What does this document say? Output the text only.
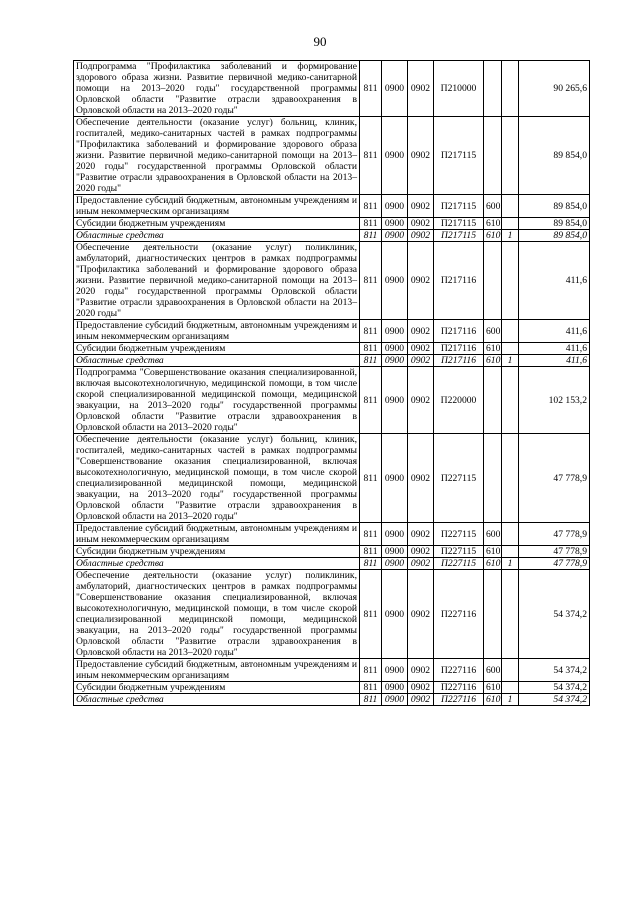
90
Подпрограмма "Профилактика заболеваний и формирование здорового образа жизни. Развитие первичной медико-санитарной помощи на 2013–2020 годы" государственной программы Орловской области "Развитие отрасли здравоохранения в Орловской области на 2013–2020 годы"	811	0900	0902	П210000			90 265,6
Обеспечение деятельности (оказание услуг) больниц, клиник, госпиталей, медико-санитарных частей в рамках подпрограммы "Профилактика заболеваний и формирование здорового образа жизни. Развитие первичной медико-санитарной помощи на 2013–2020 годы" государственной программы Орловской области "Развитие отрасли здравоохранения в Орловской области на 2013–2020 годы"	811	0900	0902	П217115			89 854,0
Предоставление субсидий бюджетным, автономным учреждениям и иным некоммерческим организациям	811	0900	0902	П217115	600		89 854,0
Субсидии бюджетным учреждениям	811	0900	0902	П217115	610		89 854,0
Областные средства	811	0900	0902	П217115	610	1	89 854,0
Обеспечение деятельности (оказание услуг) поликлиник, амбулаторий, диагностических центров в рамках подпрограммы "Профилактика заболеваний и формирование здорового образа жизни. Развитие первичной медико-санитарной помощи на 2013–2020 годы" государственной программы Орловской области "Развитие отрасли здравоохранения в Орловской области на 2013–2020 годы"	811	0900	0902	П217116			411,6
Предоставление субсидий бюджетным, автономным учреждениям и иным некоммерческим организациям	811	0900	0902	П217116	600		411,6
Субсидии бюджетным учреждениям	811	0900	0902	П217116	610		411,6
Областные средства	811	0900	0902	П217116	610	1	411,6
Подпрограмма "Совершенствование оказания специализированной, включая высокотехнологичную, медицинской помощи, в том числе скорой специализированной медицинской помощи, медицинской эвакуации, на 2013–2020 годы" государственной программы Орловской области "Развитие отрасли здравоохранения в Орловской области на 2013–2020 годы"	811	0900	0902	П220000			102 153,2
Обеспечение деятельности (оказание услуг) больниц, клиник, госпиталей, медико-санитарных частей в рамках подпрограммы "Совершенствование оказания специализированной, включая высокотехнологичную, медицинской помощи, в том числе скорой специализированной медицинской помощи, медицинской эвакуации, на 2013–2020 годы" государственной программы Орловской области "Развитие отрасли здравоохранения в Орловской области на 2013–2020 годы"	811	0900	0902	П227115			47 778,9
Предоставление субсидий бюджетным, автономным учреждениям и иным некоммерческим организациям	811	0900	0902	П227115	600		47 778,9
Субсидии бюджетным учреждениям	811	0900	0902	П227115	610		47 778,9
Областные средства	811	0900	0902	П227115	610	1	47 778,9
Обеспечение деятельности (оказание услуг) поликлиник, амбулаторий, диагностических центров в рамках подпрограммы "Совершенствование оказания специализированной, включая высокотехнологичную, медицинской помощи, в том числе скорой специализированной медицинской помощи, медицинской эвакуации, на 2013–2020 годы" государственной программы Орловской области "Развитие отрасли здравоохранения в Орловской области на 2013–2020 годы"	811	0900	0902	П227116			54 374,2
Предоставление субсидий бюджетным, автономным учреждениям и иным некоммерческим организациям	811	0900	0902	П227116	600		54 374,2
Субсидии бюджетным учреждениям	811	0900	0902	П227116	610		54 374,2
Областные средства	811	0900	0902	П227116	610	1	54 374,2
